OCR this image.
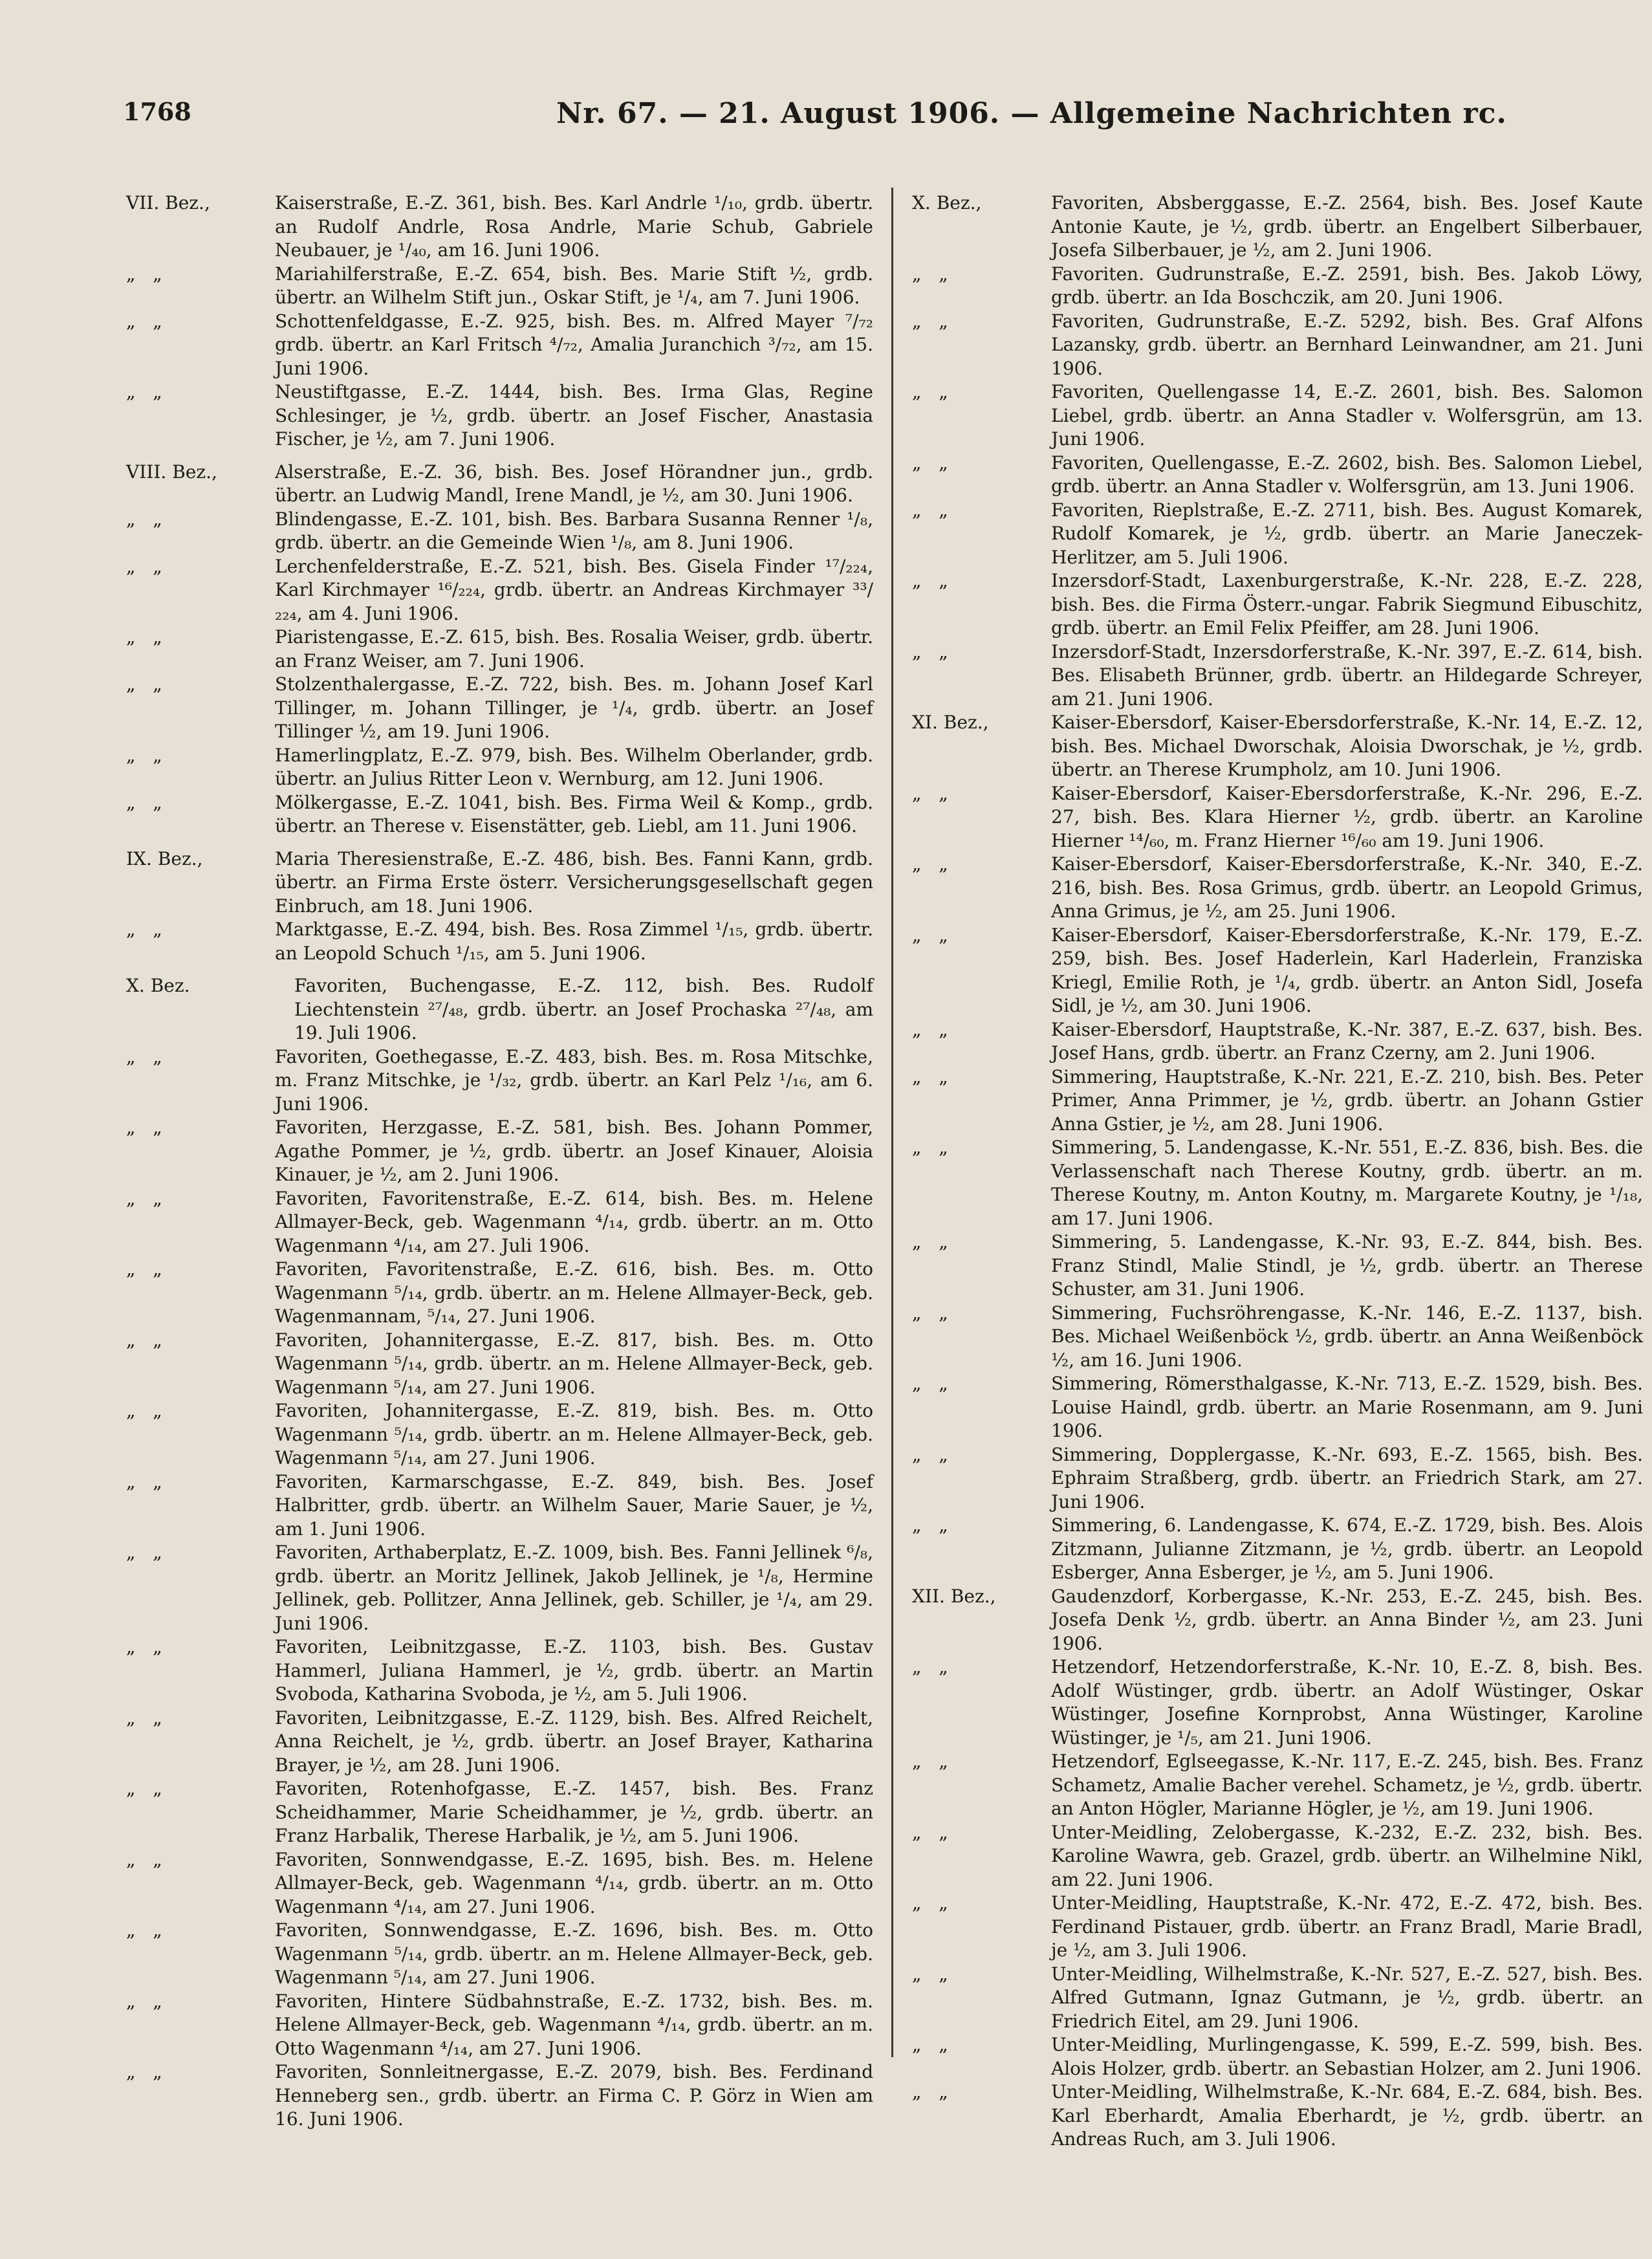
1768	Nr. 67. — 21. August 1906. — Allgemeine Nachrichten rc.
VII. Bez.,	Kaiserstraße, E.-Z. 361, bish. Bes. Karl Andrle ¹/₁₀, grdb. übertr. an Rudolf Andrle, Rosa Andrle, Marie Schub, Gabriele Neubauer, je ¹/₄₀, am 16. Juni 1906.
„   „	Mariahilferstraße, E.-Z. 654, bish. Bes. Marie Stift ½, grdb. übertr. an Wilhelm Stift jun., Oskar Stift, je ¹/₄, am 7. Juni 1906.
„   „	Schottenfeldgasse, E.-Z. 925, bish. Bes. m. Alfred Mayer ⁷/₇₂ grdb. übertr. an Karl Fritsch ⁴/₇₂, Amalia Juranchich ³/₇₂, am 15. Juni 1906.
„   „	Neustiftgasse, E.-Z. 1444, bish. Bes. Irma Glas, Regine Schlesinger, je ½, grdb. übertr. an Josef Fischer, Anastasia Fischer, je ½, am 7. Juni 1906.
VIII. Bez.,	Alserstraße, E.-Z. 36, bish. Bes. Josef Hörandner jun., grdb. übertr. an Ludwig Mandl, Irene Mandl, je ½, am 30. Juni 1906.
„   „	Blindengasse, E.-Z. 101, bish. Bes. Barbara Susanna Renner ¹/₈, grdb. übertr. an die Gemeinde Wien ¹/₈, am 8. Juni 1906.
„   „	Lerchenfelderstraße, E.-Z. 521, bish. Bes. Gisela Finder ¹⁷/₂₂₄, Karl Kirchmayer ¹⁶/₂₂₄, grdb. übertr. an Andreas Kirchmayer ³³/₂₂₄, am 4. Juni 1906.
„   „	Piaristengasse, E.-Z. 615, bish. Bes. Rosalia Weiser, grdb. übertr. an Franz Weiser, am 7. Juni 1906.
„   „	Stolzenthalergasse, E.-Z. 722, bish. Bes. m. Johann Josef Karl Tillinger, m. Johann Tillinger, je ¹/₄, grdb. übertr. an Josef Tillinger ½, am 19. Juni 1906.
„   „	Hamerlingplatz, E.-Z. 979, bish. Bes. Wilhelm Oberlander, grdb. übertr. an Julius Ritter Leon v. Wernburg, am 12. Juni 1906.
„   „	Mölkergasse, E.-Z. 1041, bish. Bes. Firma Weil & Komp., grdb. übertr. an Therese v. Eisenstätter, geb. Liebl, am 11. Juni 1906.
IX. Bez.,	Maria Theresienstraße, E.-Z. 486, bish. Bes. Fanni Kann, grdb. übertr. an Firma Erste österr. Versicherungsgesellschaft gegen Einbruch, am 18. Juni 1906.
„   „	Marktgasse, E.-Z. 494, bish. Bes. Rosa Zimmel ¹/₁₅, grdb. übertr. an Leopold Schuch ¹/₁₅, am 5. Juni 1906.
X. Bez.	Favoriten, Buchengasse, E.-Z. 112, bish. Bes. Rudolf Liechtenstein ²⁷/₄₈, grdb. übertr. an Josef Prochaska ²⁷/₄₈, am 19. Juli 1906.
„   „	Favoriten, Goethegasse, E.-Z. 483, bish. Bes. m. Rosa Mitschke, m. Franz Mitschke, je ¹/₃₂, grdb. übertr. an Karl Pelz ¹/₁₆, am 6. Juni 1906.
„   „	Favoriten, Herzgasse, E.-Z. 581, bish. Bes. Johann Pommer, Agathe Pommer, je ½, grdb. übertr. an Josef Kinauer, Aloisia Kinauer, je ½, am 2. Juni 1906.
„   „	Favoriten, Favoritenstraße, E.-Z. 614, bish. Bes. m. Helene Allmayer-Beck, geb. Wagenmann ⁴/₁₄, grdb. übertr. an m. Otto Wagenmann ⁴/₁₄, am 27. Juli 1906.
„   „	Favoriten, Favoritenstraße, E.-Z. 616, bish. Bes. m. Otto Wagenmann ⁵/₁₄, grdb. übertr. an m. Helene Allmayer-Beck, geb. Wagenmannam, ⁵/₁₄, 27. Juni 1906.
„   „	Favoriten, Johannitergasse, E.-Z. 817, bish. Bes. m. Otto Wagenmann ⁵/₁₄, grdb. übertr. an m. Helene Allmayer-Beck, geb. Wagenmann ⁵/₁₄, am 27. Juni 1906.
„   „	Favoriten, Johannitergasse, E.-Z. 819, bish. Bes. m. Otto Wagenmann ⁵/₁₄, grdb. übertr. an m. Helene Allmayer-Beck, geb. Wagenmann ⁵/₁₄, am 27. Juni 1906.
„   „	Favoriten, Karmarschgasse, E.-Z. 849, bish. Bes. Josef Halbritter, grdb. übertr. an Wilhelm Sauer, Marie Sauer, je ½, am 1. Juni 1906.
„   „	Favoriten, Arthaberplatz, E.-Z. 1009, bish. Bes. Fanni Jellinek ⁶/₈, grdb. übertr. an Moritz Jellinek, Jakob Jellinek, je ¹/₈, Hermine Jellinek, geb. Pollitzer, Anna Jellinek, geb. Schiller, je ¹/₄, am 29. Juni 1906.
„   „	Favoriten, Leibnitzgasse, E.-Z. 1103, bish. Bes. Gustav Hammerl, Juliana Hammerl, je ½, grdb. übertr. an Martin Svoboda, Katharina Svoboda, je ½, am 5. Juli 1906.
„   „	Favoriten, Leibnitzgasse, E.-Z. 1129, bish. Bes. Alfred Reichelt, Anna Reichelt, je ½, grdb. übertr. an Josef Brayer, Katharina Brayer, je ½, am 28. Juni 1906.
„   „	Favoriten, Rotenhofgasse, E.-Z. 1457, bish. Bes. Franz Scheidhammer, Marie Scheidhammer, je ½, grdb. übertr. an Franz Harbalik, Therese Harbalik, je ½, am 5. Juni 1906.
„   „	Favoriten, Sonnwendgasse, E.-Z. 1695, bish. Bes. m. Helene Allmayer-Beck, geb. Wagenmann ⁴/₁₄, grdb. übertr. an m. Otto Wagenmann ⁴/₁₄, am 27. Juni 1906.
„   „	Favoriten, Sonnwendgasse, E.-Z. 1696, bish. Bes. m. Otto Wagenmann ⁵/₁₄, grdb. übertr. an m. Helene Allmayer-Beck, geb. Wagenmann ⁵/₁₄, am 27. Juni 1906.
„   „	Favoriten, Hintere Südbahnstraße, E.-Z. 1732, bish. Bes. m. Helene Allmayer-Beck, geb. Wagenmann ⁴/₁₄, grdb. übertr. an m. Otto Wagenmann ⁴/₁₄, am 27. Juni 1906.
„   „	Favoriten, Sonnleitnergasse, E.-Z. 2079, bish. Bes. Ferdinand Henneberg sen., grdb. übertr. an Firma C. P. Görz in Wien am 16. Juni 1906.
X. Bez.,	Favoriten, Absberggasse, E.-Z. 2564, bish. Bes. Josef Kaute Antonie Kaute, je ½, grdb. übertr. an Engelbert Silberbauer, Josefa Silberbauer, je ½, am 2. Juni 1906.
„   „	Favoriten. Gudrunstraße, E.-Z. 2591, bish. Bes. Jakob Löwy, grdb. übertr. an Ida Boschczik, am 20. Juni 1906.
„   „	Favoriten, Gudrunstraße, E.-Z. 5292, bish. Bes. Graf Alfons Lazansky, grdb. übertr. an Bernhard Leinwandner, am 21. Juni 1906.
„   „	Favoriten, Quellengasse 14, E.-Z. 2601, bish. Bes. Salomon Liebel, grdb. übertr. an Anna Stadler v. Wolfersgrün, am 13. Juni 1906.
„   „	Favoriten, Quellengasse, E.-Z. 2602, bish. Bes. Salomon Liebel, grdb. übertr. an Anna Stadler v. Wolfersgrün, am 13. Juni 1906.
„   „	Favoriten, Rieplstraße, E.-Z. 2711, bish. Bes. August Komarek, Rudolf Komarek, je ½, grdb. übertr. an Marie Janeczek-Herlitzer, am 5. Juli 1906.
„   „	Inzersdorf-Stadt, Laxenburgerstraße, K.-Nr. 228, E.-Z. 228, bish. Bes. die Firma Österr.-ungar. Fabrik Siegmund Eibuschitz, grdb. übertr. an Emil Felix Pfeiffer, am 28. Juni 1906.
„   „	Inzersdorf-Stadt, Inzersdorferstraße, K.-Nr. 397, E.-Z. 614, bish. Bes. Elisabeth Brünner, grdb. übertr. an Hildegarde Schreyer, am 21. Juni 1906.
XI. Bez.,	Kaiser-Ebersdorf, Kaiser-Ebersdorferstraße, K.-Nr. 14, E.-Z. 12, bish. Bes. Michael Dworschak, Aloisia Dworschak, je ½, grdb. übertr. an Therese Krumpholz, am 10. Juni 1906.
„   „	Kaiser-Ebersdorf, Kaiser-Ebersdorferstraße, K.-Nr. 296, E.-Z. 27, bish. Bes. Klara Hierner ½, grdb. übertr. an Karoline Hierner ¹⁴/₆₀, m. Franz Hierner ¹⁶/₆₀ am 19. Juni 1906.
„   „	Kaiser-Ebersdorf, Kaiser-Ebersdorferstraße, K.-Nr. 340, E.-Z. 216, bish. Bes. Rosa Grimus, grdb. übertr. an Leopold Grimus, Anna Grimus, je ½, am 25. Juni 1906.
„   „	Kaiser-Ebersdorf, Kaiser-Ebersdorferstraße, K.-Nr. 179, E.-Z. 259, bish. Bes. Josef Haderlein, Karl Haderlein, Franziska Kriegl, Emilie Roth, je ¹/₄, grdb. übertr. an Anton Sidl, Josefa Sidl, je ½, am 30. Juni 1906.
„   „	Kaiser-Ebersdorf, Hauptstraße, K.-Nr. 387, E.-Z. 637, bish. Bes. Josef Hans, grdb. übertr. an Franz Czerny, am 2. Juni 1906.
„   „	Simmering, Hauptstraße, K.-Nr. 221, E.-Z. 210, bish. Bes. Peter Primer, Anna Primmer, je ½, grdb. übertr. an Johann Gstier Anna Gstier, je ½, am 28. Juni 1906.
„   „	Simmering, 5. Landengasse, K.-Nr. 551, E.-Z. 836, bish. Bes. die Verlassenschaft nach Therese Koutny, grdb. übertr. an m. Therese Koutny, m. Anton Koutny, m. Margarete Koutny, je ¹/₁₈, am 17. Juni 1906.
„   „	Simmering, 5. Landengasse, K.-Nr. 93, E.-Z. 844, bish. Bes. Franz Stindl, Malie Stindl, je ½, grdb. übertr. an Therese Schuster, am 31. Juni 1906.
„   „	Simmering, Fuchsröhrengasse, K.-Nr. 146, E.-Z. 1137, bish. Bes. Michael Weißenböck ½, grdb. übertr. an Anna Weißenböck ½, am 16. Juni 1906.
„   „	Simmering, Römersthalgasse, K.-Nr. 713, E.-Z. 1529, bish. Bes. Louise Haindl, grdb. übertr. an Marie Rosenmann, am 9. Juni 1906.
„   „	Simmering, Dopplergasse, K.-Nr. 693, E.-Z. 1565, bish. Bes. Ephraim Straßberg, grdb. übertr. an Friedrich Stark, am 27. Juni 1906.
„   „	Simmering, 6. Landengasse, K. 674, E.-Z. 1729, bish. Bes. Alois Zitzmann, Julianne Zitzmann, je ½, grdb. übertr. an Leopold Esberger, Anna Esberger, je ½, am 5. Juni 1906.
XII. Bez.,	Gaudenzdorf, Korbergasse, K.-Nr. 253, E.-Z. 245, bish. Bes. Josefa Denk ½, grdb. übertr. an Anna Binder ½, am 23. Juni 1906.
„   „	Hetzendorf, Hetzendorferstraße, K.-Nr. 10, E.-Z. 8, bish. Bes. Adolf Wüstinger, grdb. übertr. an Adolf Wüstinger, Oskar Wüstinger, Josefine Kornprobst, Anna Wüstinger, Karoline Wüstinger, je ¹/₅, am 21. Juni 1906.
„   „	Hetzendorf, Eglseegasse, K.-Nr. 117, E.-Z. 245, bish. Bes. Franz Schametz, Amalie Bacher verehel. Schametz, je ½, grdb. übertr. an Anton Högler, Marianne Högler, je ½, am 19. Juni 1906.
„   „	Unter-Meidling, Zelobergasse, K.-232, E.-Z. 232, bish. Bes. Karoline Wawra, geb. Grazel, grdb. übertr. an Wilhelmine Nikl, am 22. Juni 1906.
„   „	Unter-Meidling, Hauptstraße, K.-Nr. 472, E.-Z. 472, bish. Bes. Ferdinand Pistauer, grdb. übertr. an Franz Bradl, Marie Bradl, je ½, am 3. Juli 1906.
„   „	Unter-Meidling, Wilhelmstraße, K.-Nr. 527, E.-Z. 527, bish. Bes. Alfred Gutmann, Ignaz Gutmann, je ½, grdb. übertr. an Friedrich Eitel, am 29. Juni 1906.
„   „	Unter-Meidling, Murlingengasse, K. 599, E.-Z. 599, bish. Bes. Alois Holzer, grdb. übertr. an Sebastian Holzer, am 2. Juni 1906.
„   „	Unter-Meidling, Wilhelmstraße, K.-Nr. 684, E.-Z. 684, bish. Bes. Karl Eberhardt, Amalia Eberhardt, je ½, grdb. übertr. an Andreas Ruch, am 3. Juli 1906.
